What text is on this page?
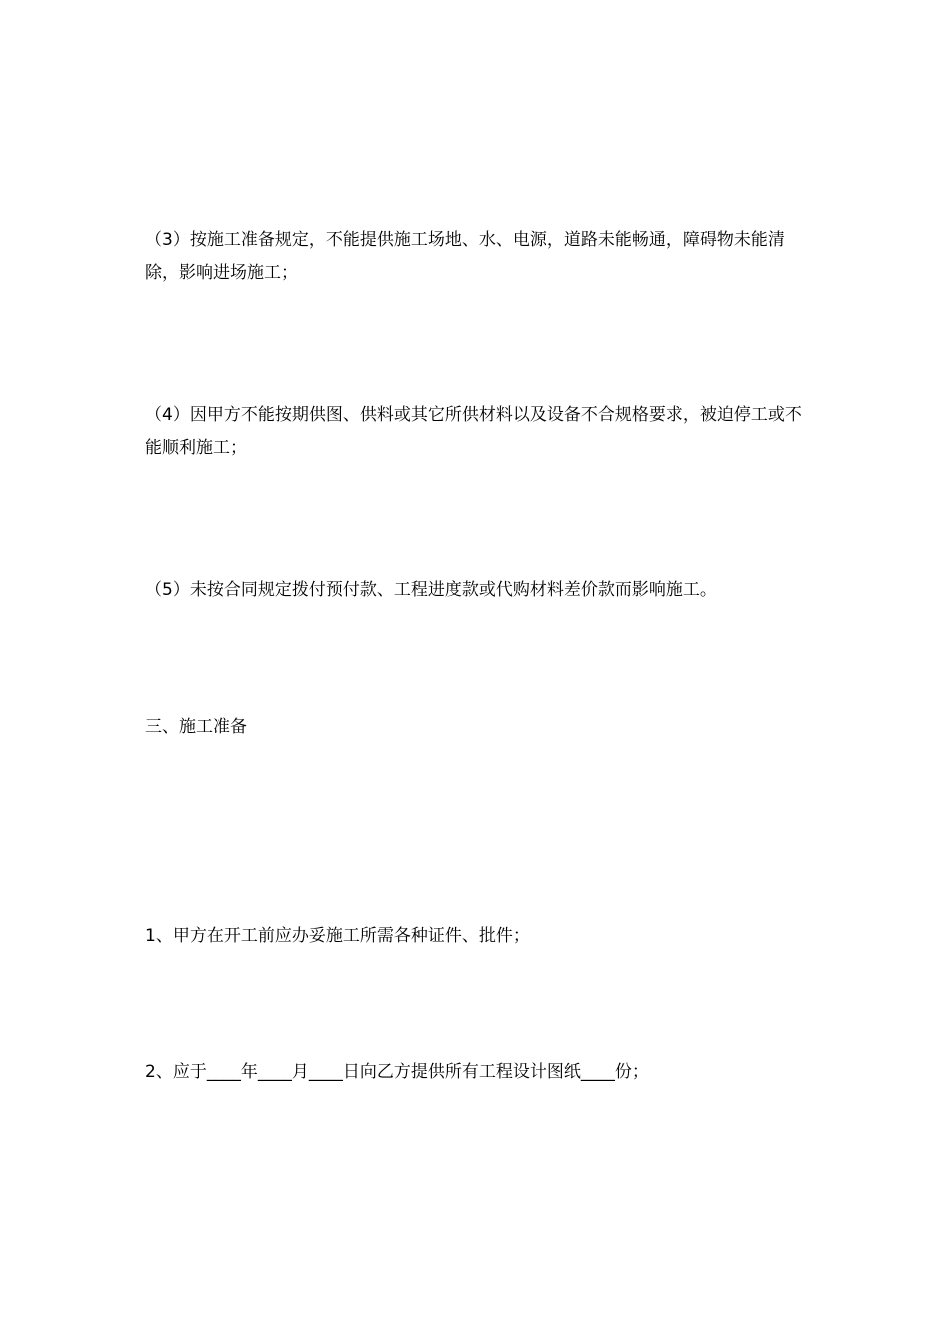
（3）按施工准备规定，不能提供施工场地、水、电源，道路未能畅通，障碍物未能清除，影响进场施工；

（4）因甲方不能按期供图、供料或其它所供材料以及设备不合规格要求，被迫停工或不能顺利施工；

（5）未按合同规定拨付预付款、工程进度款或代购材料差价款而影响施工。

三、施工准备

1、甲方在开工前应办妥施工所需各种证件、批件；

2、应于____年____月____日向乙方提供所有工程设计图纸____份；
